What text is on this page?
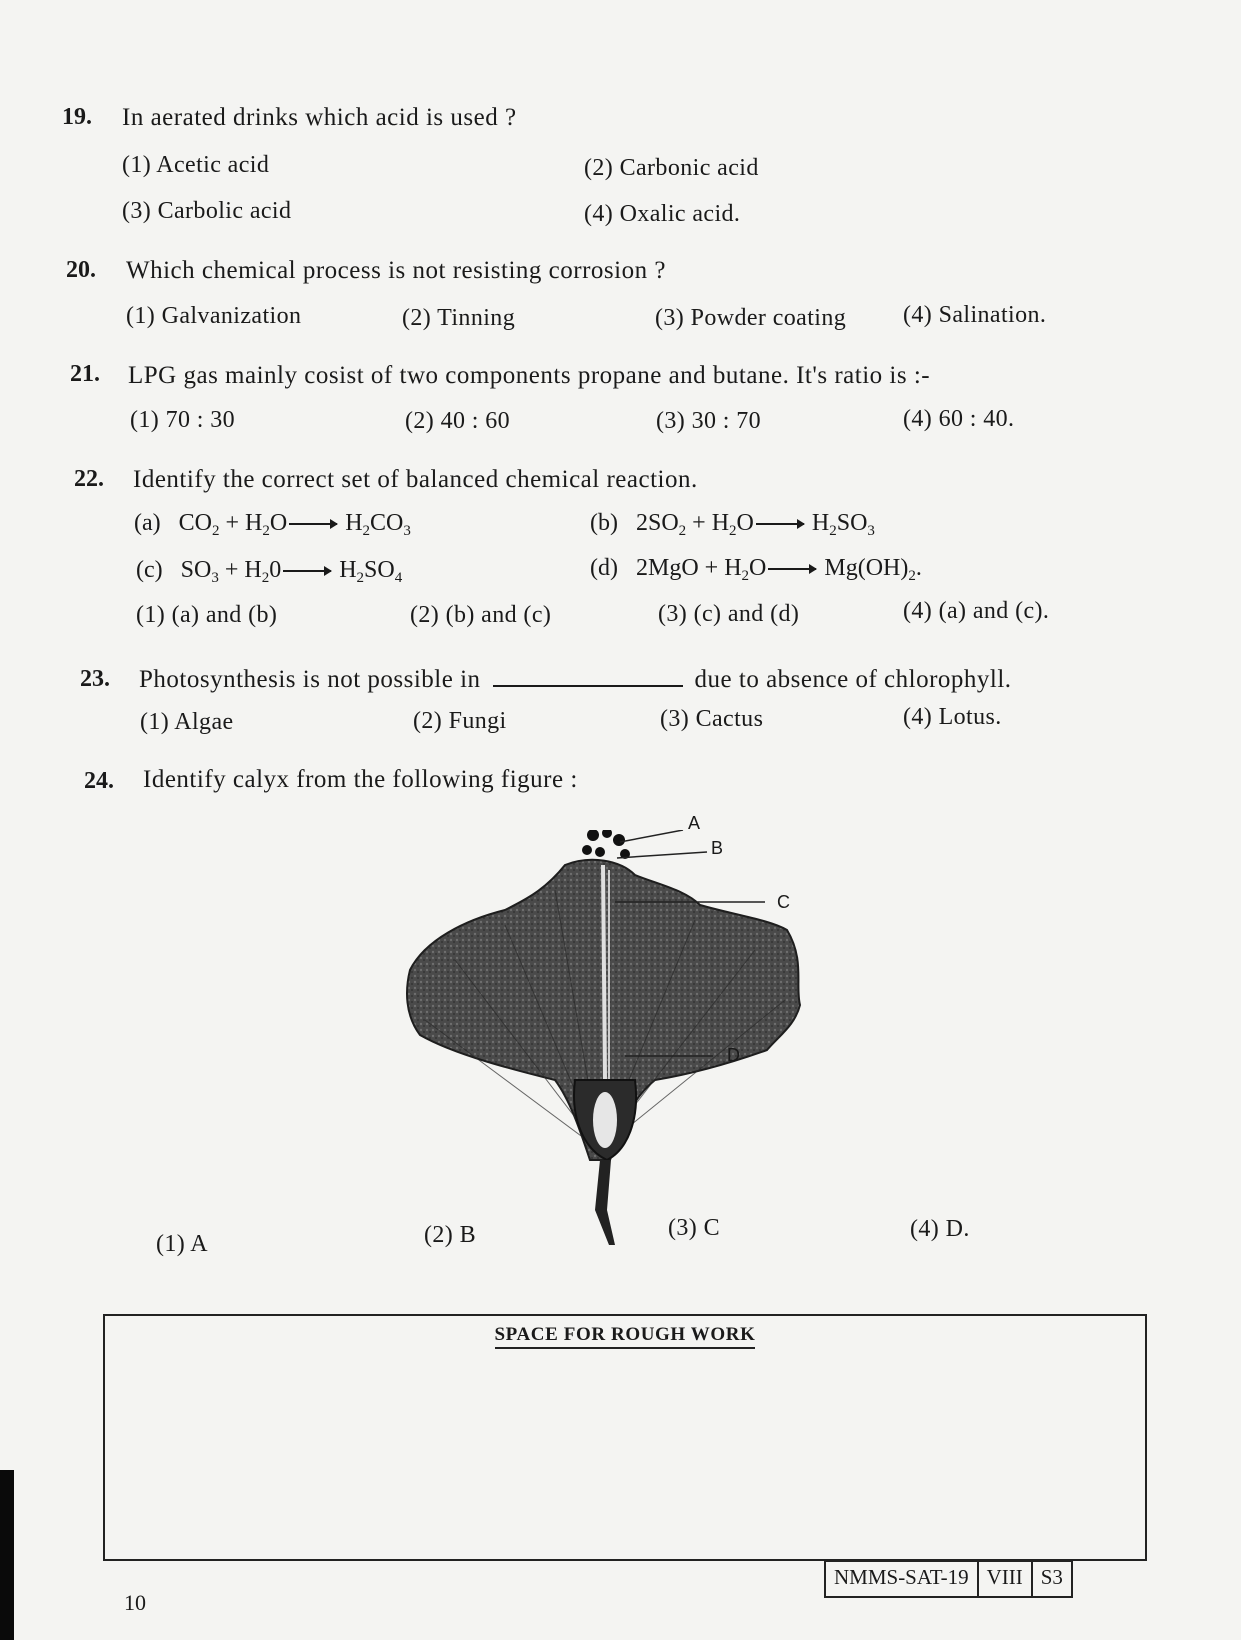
19. In aerated drinks which acid is used ?
(1) Acetic acid	(2) Carbonic acid
(3) Carbolic acid	(4) Oxalic acid.
20. Which chemical process is not resisting corrosion ?
(1) Galvanization	(2) Tinning	(3) Powder coating (4) Salination.
21. LPG gas mainly cosist of two components propane and butane. It's ratio is :-
(1) 70 : 30	(2) 40 : 60	(3) 30 : 70	(4) 60 : 40.
22. Identify the correct set of balanced chemical reaction.
(a)   $CO_2 + H_2O$ $H_2CO_3$	(b)   $2SO_2 + H_2O$ $H_2SO_3$
(c)   $SO_3 + H_20$ $H_2SO_4$	(d)   $2MgO + H_2O$ $Mg(OH)_2$.
(1) (a) and (b)	(2) (b) and (c)	(3) (c) and (d)	(4) (a) and (c).
23. Photosynthesis is not possible in	due to absence of chlorophyll.
(1) Algae	(2) Fungi	(3) Cactus	(4) Lotus.
24. Identify calyx from the following figure :
A
B
C
D
(1) A	(2) B	(3) C	(4) D.
SPACE FOR ROUGH WORK
10
NMMS-SAT-19 VIII S3
